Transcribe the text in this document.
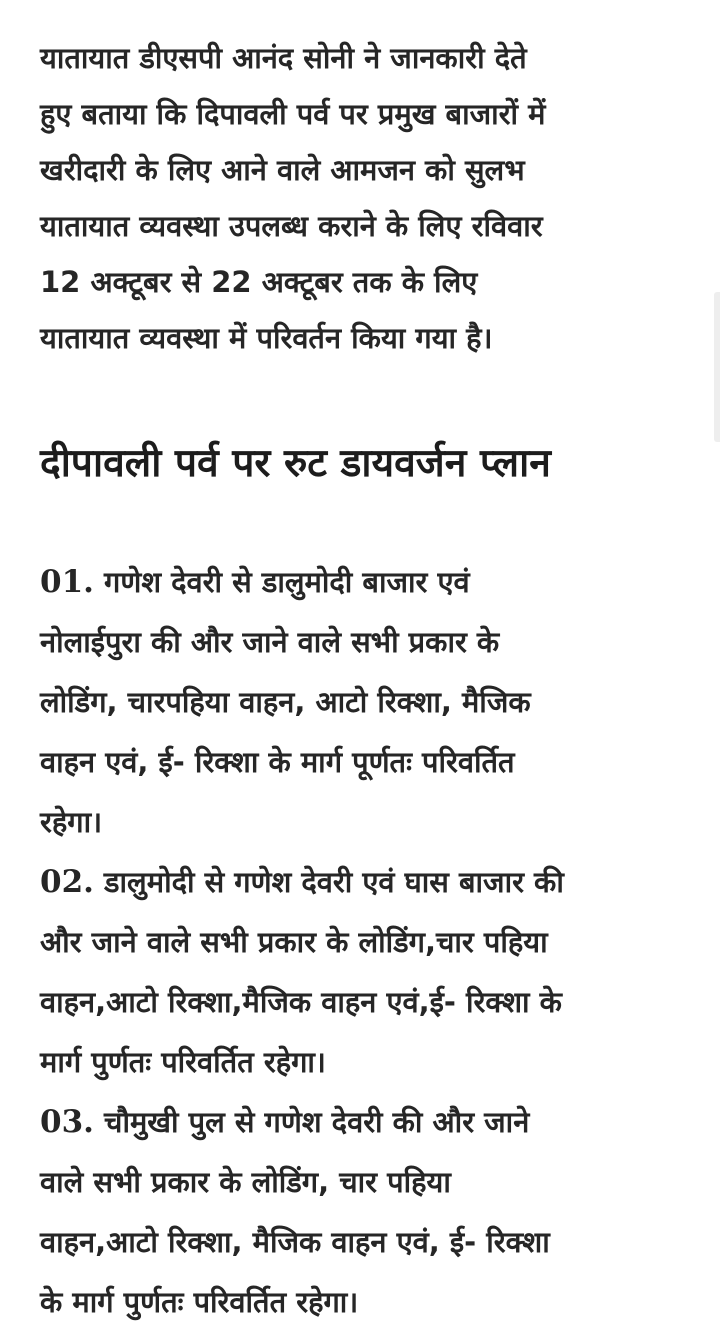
यातायात डीएसपी आनंद सोनी ने जानकारी देते
हुए बताया कि दिपावली पर्व पर प्रमुख बाजारों में
खरीदारी के लिए आने वाले आमजन को सुलभ
यातायात व्यवस्था उपलब्ध कराने के लिए रविवार
12 अक्टूबर से 22 अक्टूबर तक के लिए
यातायात व्यवस्था में परिवर्तन किया गया है।

दीपावली पर्व पर रुट डायवर्जन प्लान

01. गणेश देवरी से डालुमोदी बाजार एवं
नोलाईपुरा की और जाने वाले सभी प्रकार के
लोडिंग, चारपहिया वाहन, आटो रिक्शा, मैजिक
वाहन एवं, ई- रिक्शा के मार्ग पूर्णतः परिवर्तित
रहेगा।

02. डालुमोदी से गणेश देवरी एवं घास बाजार की
और जाने वाले सभी प्रकार के लोडिंग,चार पहिया
वाहन,आटो रिक्शा,मैजिक वाहन एवं,ई- रिक्शा के
मार्ग पुर्णतः परिवर्तित रहेगा।

03. चौमुखी पुल से गणेश देवरी की और जाने
वाले सभी प्रकार के लोडिंग, चार पहिया
वाहन,आटो रिक्शा, मैजिक वाहन एवं, ई- रिक्शा
के मार्ग पुर्णतः परिवर्तित रहेगा।
